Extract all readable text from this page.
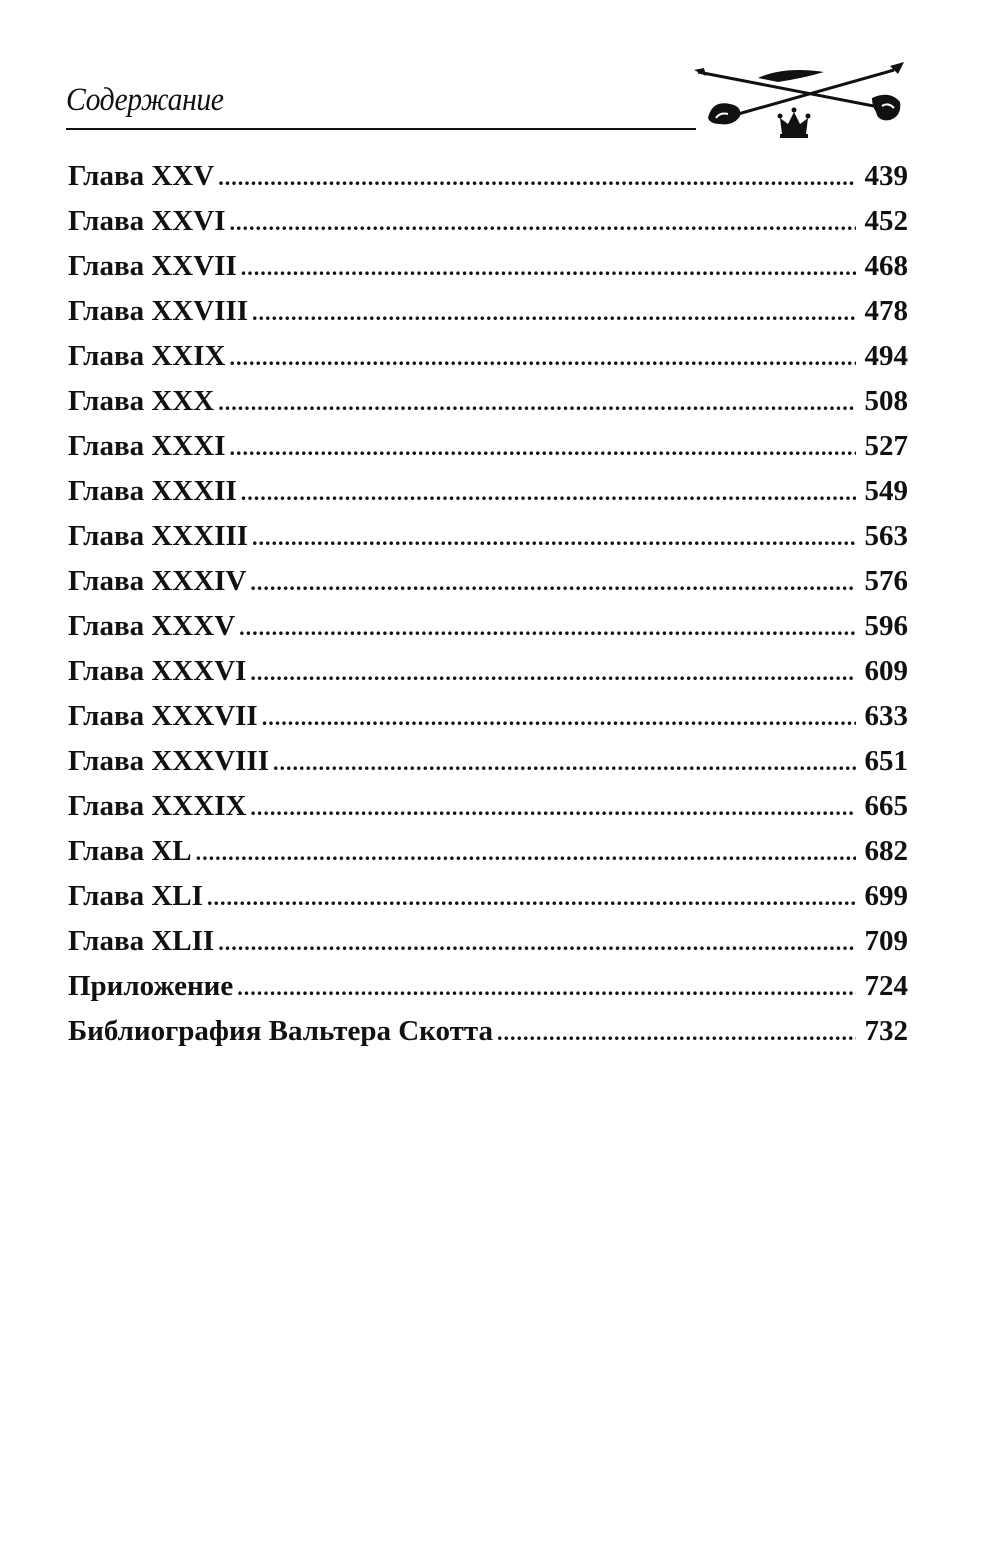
Содержание
Глава XXV .....	439
Глава XXVI .....	452
Глава XXVII .....	468
Глава XXVIII .....	478
Глава XXIX .....	494
Глава XXX .....	508
Глава XXXI .....	527
Глава XXXII .....	549
Глава XXXIII .....	563
Глава XXXIV .....	576
Глава XXXV .....	596
Глава XXXVI .....	609
Глава XXXVII .....	633
Глава XXXVIII .....	651
Глава XXXIX .....	665
Глава XL .....	682
Глава XLI .....	699
Глава XLII .....	709
Приложение .....	724
Библиография Вальтера Скотта .....	732
